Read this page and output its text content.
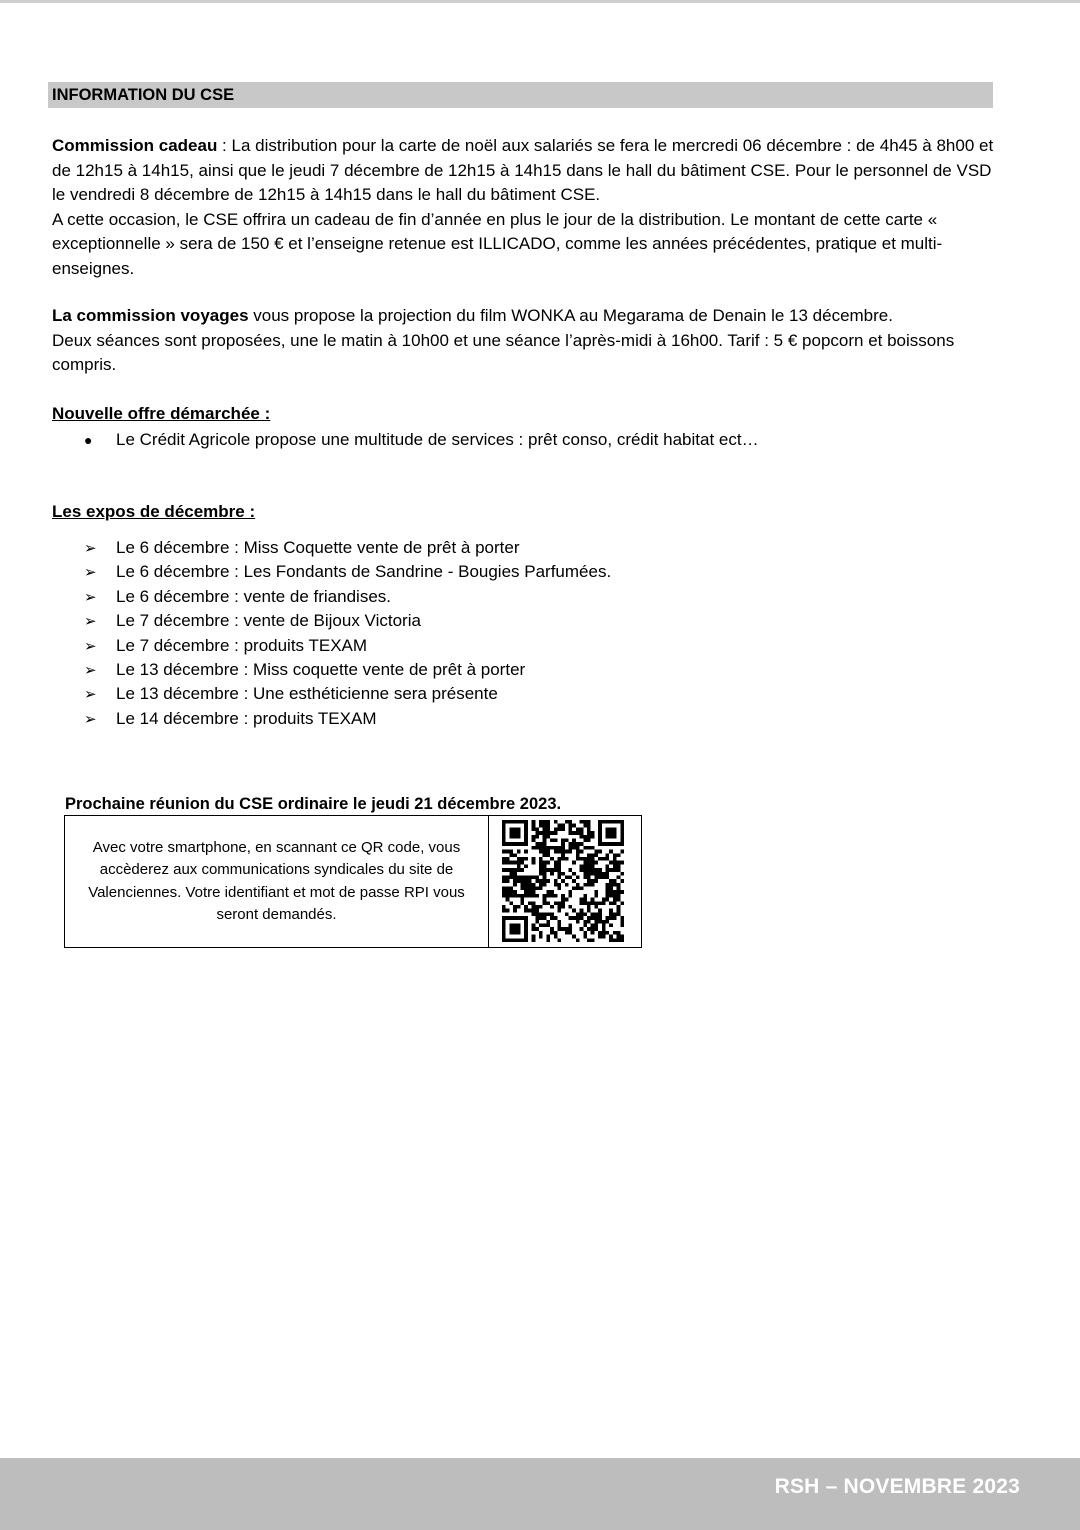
INFORMATION DU CSE
Commission cadeau : La distribution pour la carte de noël aux salariés se fera le mercredi 06 décembre : de 4h45 à 8h00 et de 12h15 à 14h15, ainsi que le jeudi 7 décembre de 12h15 à 14h15 dans le hall du bâtiment CSE. Pour le personnel de VSD le vendredi 8 décembre de 12h15 à 14h15 dans le hall du bâtiment CSE.
A cette occasion, le CSE offrira un cadeau de fin d’année en plus le jour de la distribution. Le montant de cette carte « exceptionnelle » sera de 150 € et l’enseigne retenue est ILLICADO, comme les années précédentes, pratique et multi-enseignes.
La commission voyages vous propose la projection du film WONKA au Megarama de Denain le 13 décembre.
Deux séances sont proposées, une le matin à 10h00 et une séance l’après-midi à 16h00. Tarif : 5 € popcorn et boissons compris.
Nouvelle offre démarchée :
● Le Crédit Agricole propose une multitude de services : prêt conso, crédit habitat ect…
Les expos de décembre :
➢ Le 6 décembre : Miss Coquette vente de prêt à porter
➢ Le 6 décembre : Les Fondants de Sandrine - Bougies Parfumées.
➢ Le 6 décembre : vente de friandises.
➢ Le 7 décembre : vente de Bijoux Victoria
➢ Le 7 décembre : produits TEXAM
➢ Le 13 décembre : Miss coquette vente de prêt à porter
➢ Le 13 décembre : Une esthéticienne sera présente
➢ Le 14 décembre : produits TEXAM
Prochaine réunion du CSE ordinaire le jeudi 21 décembre 2023.
Avec votre smartphone, en scannant ce QR code, vous accèderez aux communications syndicales du site de Valenciennes. Votre identifiant et mot de passe RPI vous seront demandés.
RSH – NOVEMBRE 2023
